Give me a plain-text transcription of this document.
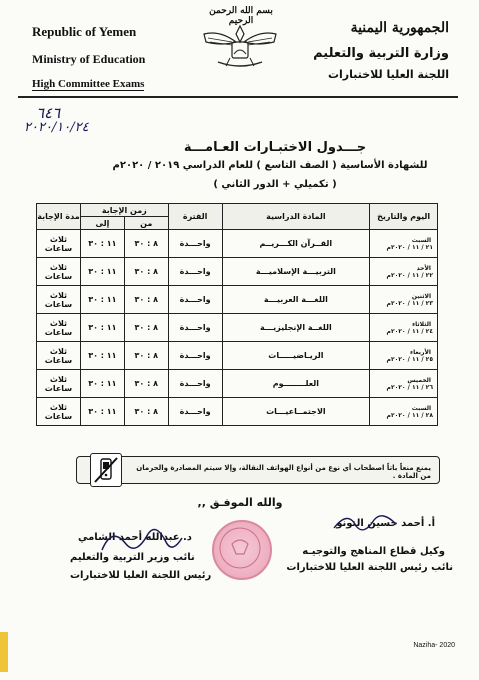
Republic of Yemen
Ministry of Education
High Committee Exams
بسم الله الرحمن الرحيم	الجمهورية اليمنية
وزارة التربية والتعليم
اللجنة العليا للاختبارات
٦٤٦
٢٠٢٠/١٠/٢٤
جـــدول الاختبـارات العـامـــة
للشهادة الأساسية ( الصف التاسع ) للعام الدراسي ٢٠١٩ / ٢٠٢٠م
( تكميلي + الدور الثاني )
اليوم والتاريخ	المادة الدراسية	الفترة	زمن الإجابة		مدة الإجابة
			من	إلى	

السبت
٢١ / ١١ / ٢٠٢٠م	القــرآن الكـــريــم	واحـــدة	٨ : ٣٠	١١ : ٣٠	ثلاث ساعات

الأحد
٢٢ / ١١ / ٢٠٢٠م	التربيـــة الإسلاميـــة	واحـــدة	٨ : ٣٠	١١ : ٣٠	ثلاث ساعات

الاثنين
٢٣ / ١١ / ٢٠٢٠م	اللغـــة العربيـــة	واحـــدة	٨ : ٣٠	١١ : ٣٠	ثلاث ساعات

الثلاثاء
٢٤ / ١١ / ٢٠٢٠م	اللغــة الإنجليزيـــة	واحـــدة	٨ : ٣٠	١١ : ٣٠	ثلاث ساعات

الأربعاء
٢٥ / ١١ / ٢٠٢٠م	الريـاضيـــــات	واحـــدة	٨ : ٣٠	١١ : ٣٠	ثلاث ساعات

الخميس
٢٦ / ١١ / ٢٠٢٠م	العلــــــــوم	واحـــدة	٨ : ٣٠	١١ : ٣٠	ثلاث ساعات

السبت
٢٨ / ١١ / ٢٠٢٠م	الاجتمــاعيـــات	واحـــدة	٨ : ٣٠	١١ : ٣٠	ثلاث ساعات
يمنع منعاً باتاً اصطحاب أي نوع من أنواع الهواتف النقالة، وإلا سيتم المصادرة والحرمان من المادة .
والله الموفـق ,,
أ. أحمد حسين النونو
وكيل قطاع المناهج والتوجيـه
نائب رئيس اللجنة العليا للاختبارات
د. عبدالله أحمد الشامي
نائب وزير التربية والتعليم
رئيس اللجنة العليا للاختبارات
Naziha- 2020
